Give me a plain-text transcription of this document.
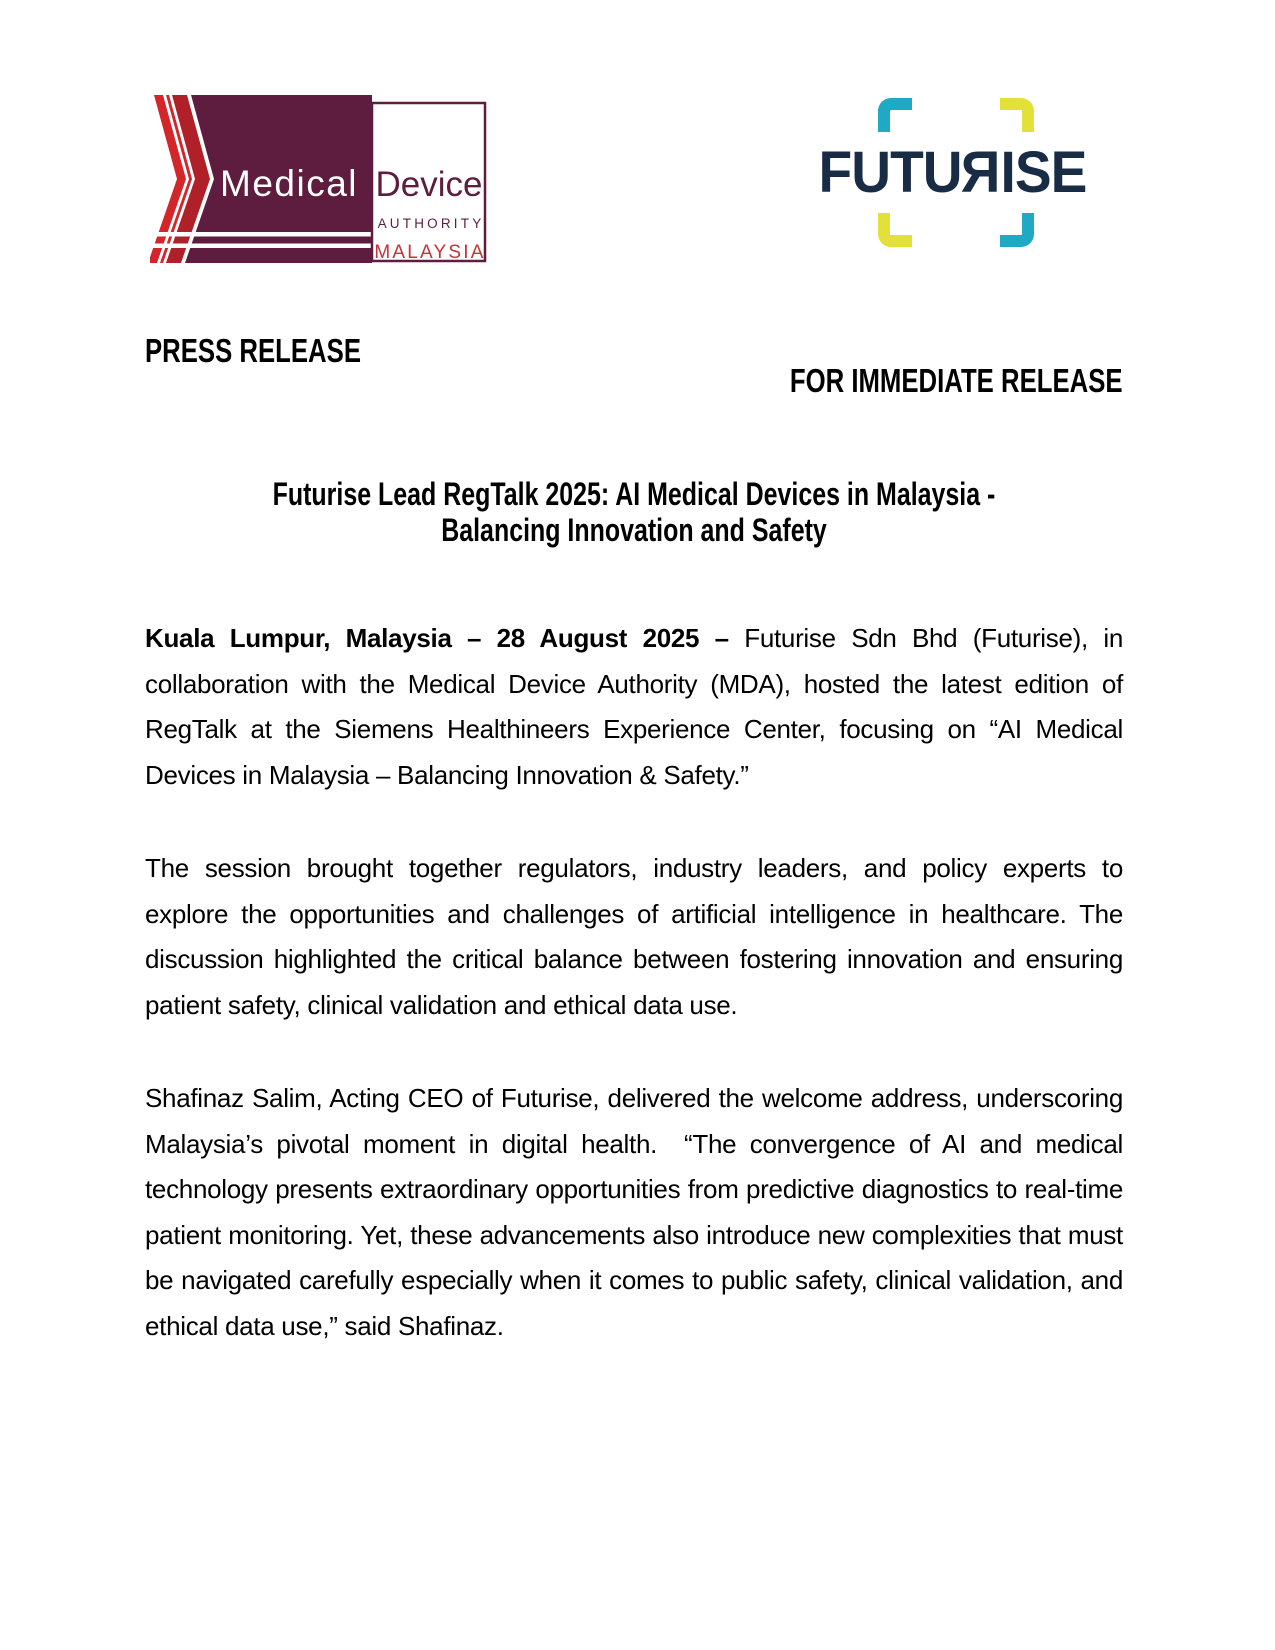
Medical Device
AUTHORITY
MALAYSIA
FUTURISE
PRESS RELEASE
FOR IMMEDIATE RELEASE
Futurise Lead RegTalk 2025: AI Medical Devices in Malaysia -
Balancing Innovation and Safety

Kuala Lumpur, Malaysia – 28 August 2025 – Futurise Sdn Bhd (Futurise), in collaboration with the Medical Device Authority (MDA), hosted the latest edition of RegTalk at the Siemens Healthineers Experience Center, focusing on “AI Medical Devices in Malaysia – Balancing Innovation & Safety.”

The session brought together regulators, industry leaders, and policy experts to explore the opportunities and challenges of artificial intelligence in healthcare. The discussion highlighted the critical balance between fostering innovation and ensuring patient safety, clinical validation and ethical data use.

Shafinaz Salim, Acting CEO of Futurise, delivered the welcome address, underscoring Malaysia’s pivotal moment in digital health.  “The convergence of AI and medical technology presents extraordinary opportunities from predictive diagnostics to real-time patient monitoring. Yet, these advancements also introduce new complexities that must be navigated carefully especially when it comes to public safety, clinical validation, and ethical data use,” said Shafinaz.
